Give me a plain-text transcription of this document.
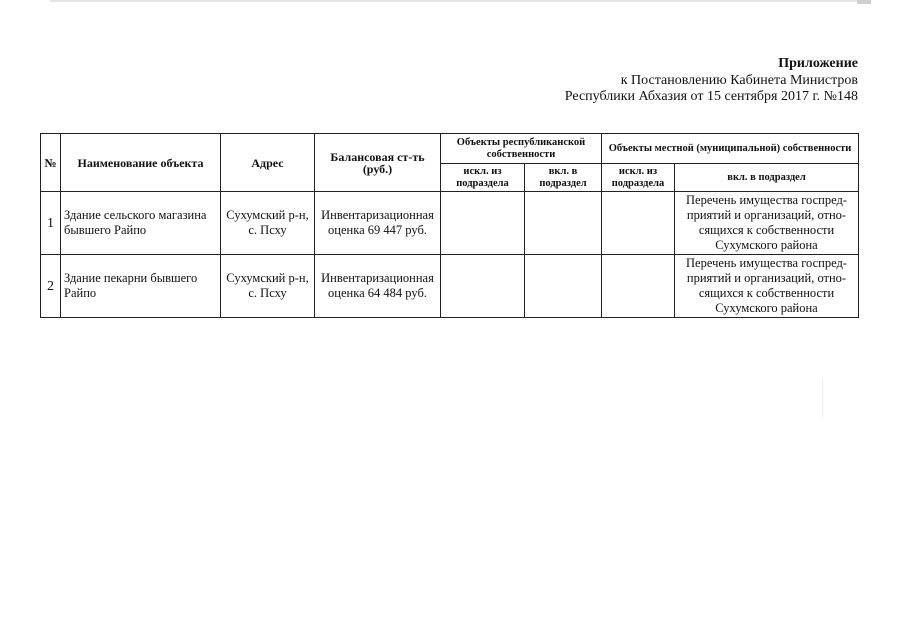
Приложение
к Постановлению Кабинета Министров
Республики Абхазия от 15 сентября 2017 г. №148
№	Наименование объекта	Адрес	Балансовая ст-ть (руб.)	Объекты республиканской собственности		Объекты местной (муниципальной) собственности	
				искл. из подраздела	вкл. в подраздел	искл. из подраздела	вкл. в подраздел
1	Здание сельского магазина бывшего Райпо	Сухумский р-н, с. Псху	Инвентаризационная оценка 69 447 руб.				Перечень имущества госпред-приятий и организаций, отно-сящихся к собственности Сухумского района
2	Здание пекарни бывшего Райпо	Сухумский р-н, с. Псху	Инвентаризационная оценка 64 484 руб.				Перечень имущества госпред-приятий и организаций, отно-сящихся к собственности Сухумского района
